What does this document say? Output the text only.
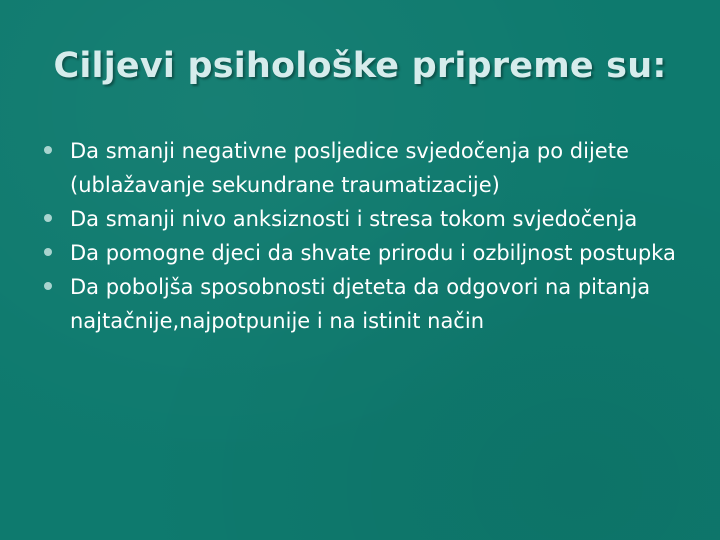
Ciljevi psihološke pripreme su:
Da smanji negativne posljedice svjedočenja po dijete (ublažavanje sekundrane traumatizacije)
Da smanji nivo anksiznosti i stresa tokom svjedočenja
Da pomogne djeci da shvate prirodu i ozbiljnost postupka
Da poboljša sposobnosti djeteta da odgovori na pitanja najtačnije,najpotpunije i na istinit način
